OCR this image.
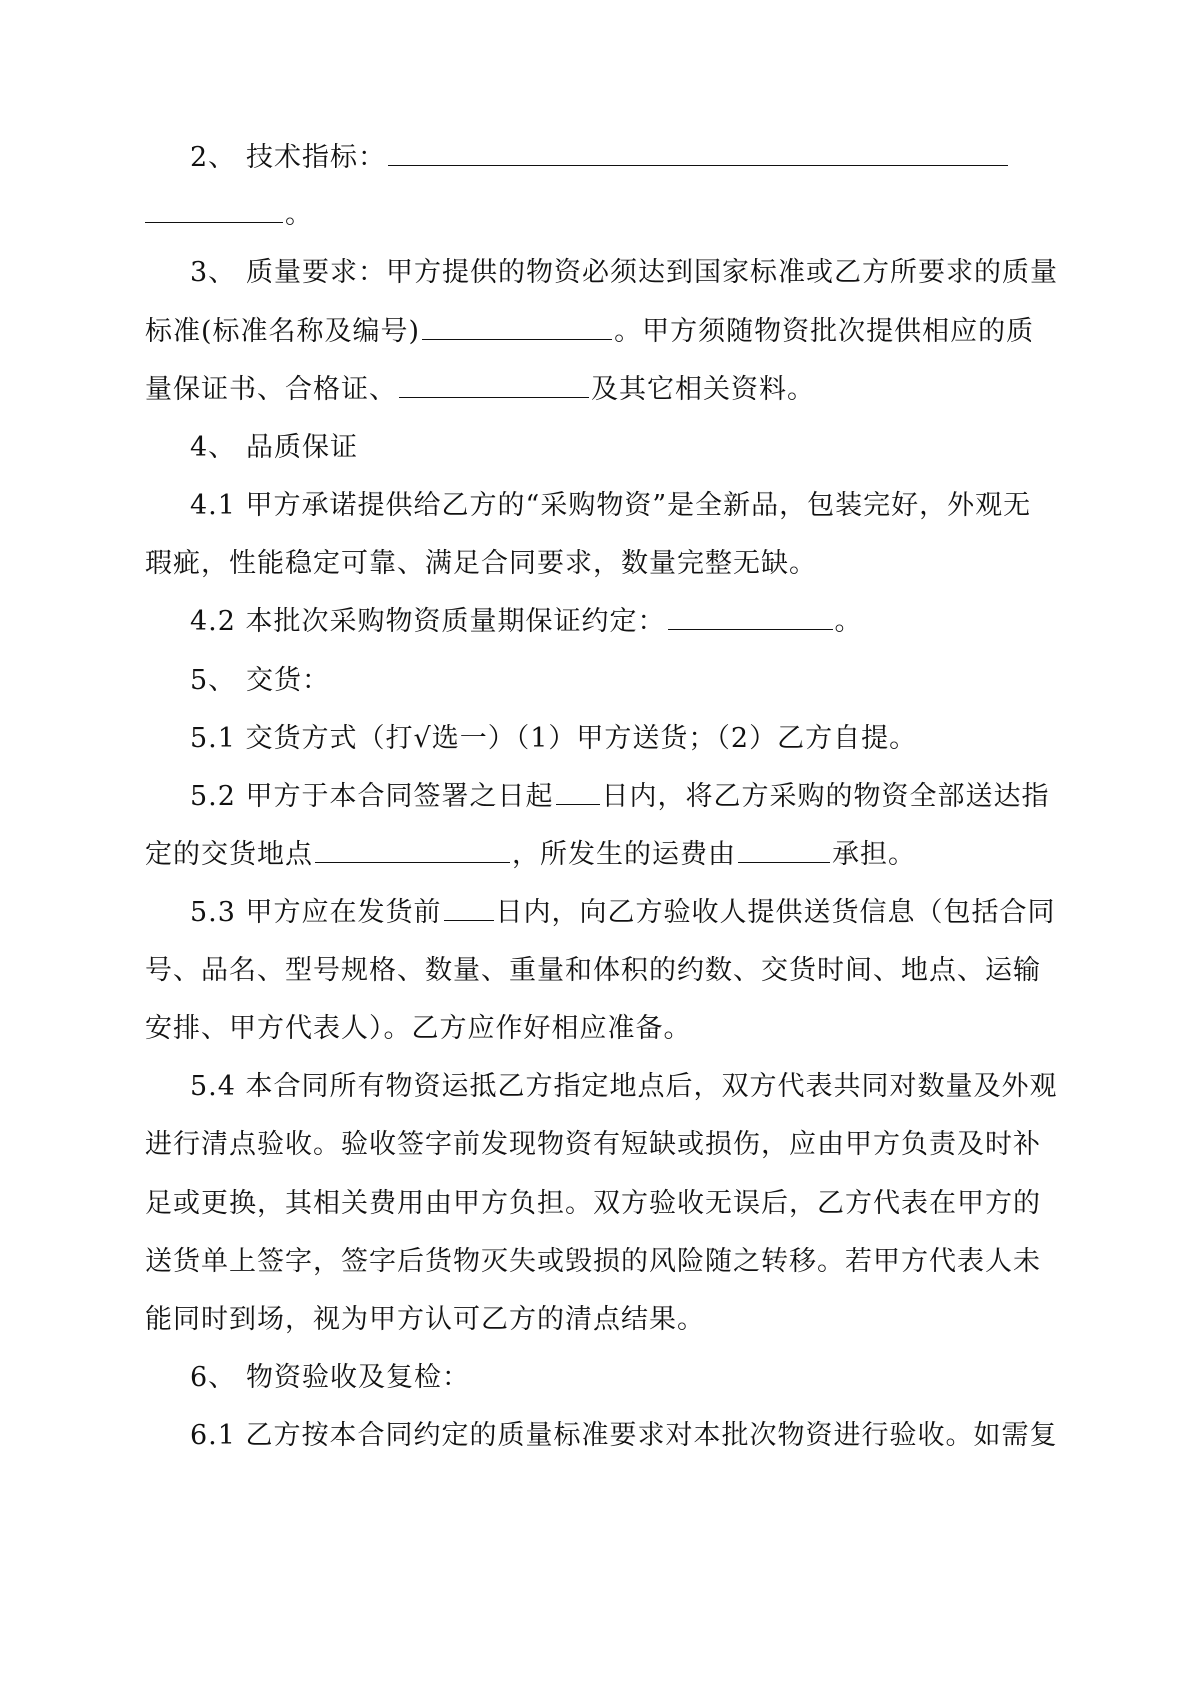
2、 技术指标：
。
3、 质量要求：甲方提供的物资必须达到国家标准或乙方所要求的质量
标准(标准名称及编号)	。甲方须随物资批次提供相应的质
量保证书、合格证、	及其它相关资料。
4、 品质保证
4.1 甲方承诺提供给乙方的“采购物资”是全新品，包装完好，外观无
瑕疵，性能稳定可靠、满足合同要求，数量完整无缺。
4.2 本批次采购物资质量期保证约定：	。
5、 交货：
5.1 交货方式（打√选一）（1）甲方送货；（2）乙方自提。
5.2 甲方于本合同签署之日起 日内，将乙方采购的物资全部送达指
定的交货地点	，所发生的运费由	承担。
5.3 甲方应在发货前 日内，向乙方验收人提供送货信息（包括合同
号、品名、型号规格、数量、重量和体积的约数、交货时间、地点、运输
安排、甲方代表人）。乙方应作好相应准备。
5.4 本合同所有物资运抵乙方指定地点后，双方代表共同对数量及外观
进行清点验收。验收签字前发现物资有短缺或损伤，应由甲方负责及时补
足或更换，其相关费用由甲方负担。双方验收无误后，乙方代表在甲方的
送货单上签字，签字后货物灭失或毁损的风险随之转移。若甲方代表人未
能同时到场，视为甲方认可乙方的清点结果。
6、 物资验收及复检：
6.1 乙方按本合同约定的质量标准要求对本批次物资进行验收。如需复
